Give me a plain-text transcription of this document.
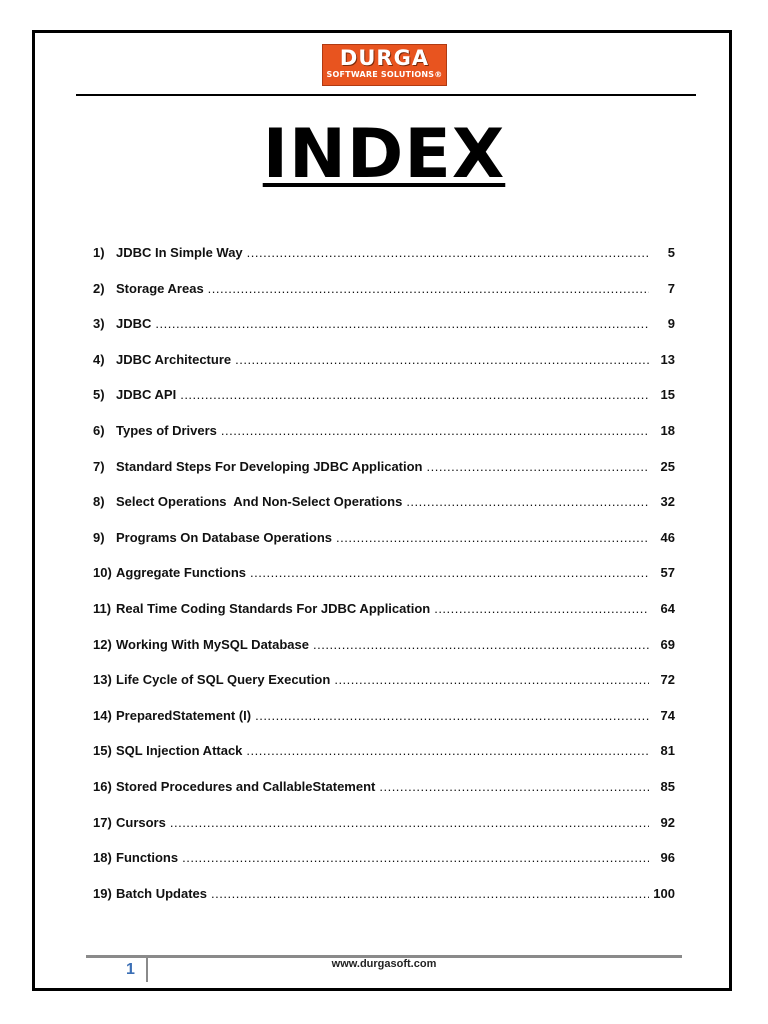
DURGA
SOFTWARE SOLUTIONS®
INDEX
1) JDBC In Simple Way .....	5
2) Storage Areas .....	7
3) JDBC .....	9
4) JDBC Architecture .....	13
5) JDBC API .....	15
6) Types of Drivers .....	18
7) Standard Steps For Developing JDBC Application .....	25
8) Select Operations  And Non-Select Operations .....	32
9) Programs On Database Operations .....	46
10) Aggregate Functions .....	57
11) Real Time Coding Standards For JDBC Application .....	64
12) Working With MySQL Database .....	69
13) Life Cycle of SQL Query Execution .....	72
14) PreparedStatement (I) .....	74
15) SQL Injection Attack .....	81
16) Stored Procedures and CallableStatement .....	85
17) Cursors .....	92
18) Functions .....	96
19) Batch Updates .....	100
1	www.durgasoft.com
